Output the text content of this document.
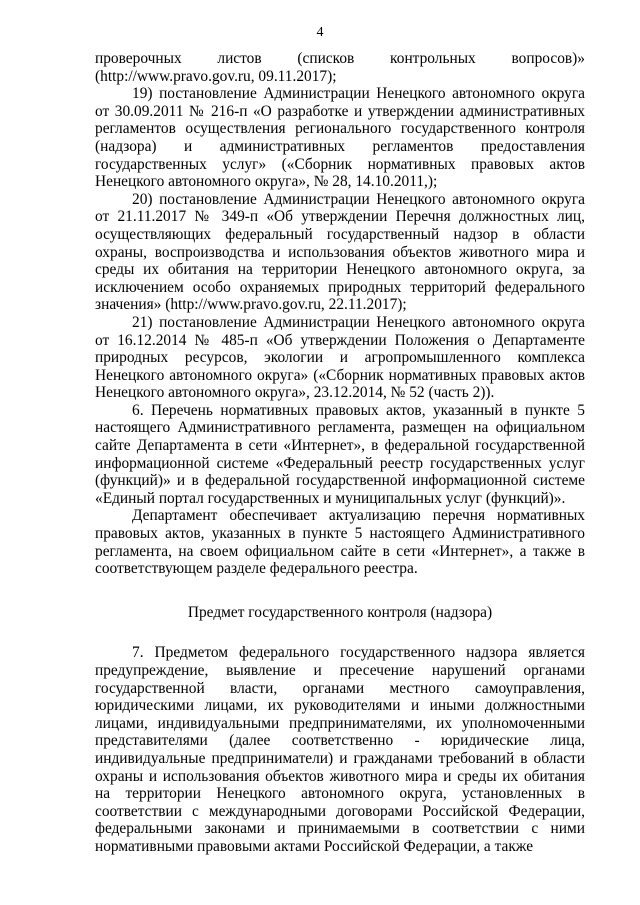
4

проверочных листов (списков контрольных вопросов)» (http://www.pravo.gov.ru, 09.11.2017);

19) постановление Администрации Ненецкого автономного округа от 30.09.2011 № 216-п «О разработке и утверждении административных регламентов осуществления регионального государственного контроля (надзора) и административных регламентов предоставления государственных услуг» («Сборник нормативных правовых актов Ненецкого автономного округа», № 28, 14.10.2011,);

20) постановление Администрации Ненецкого автономного округа от 21.11.2017 № 349-п «Об утверждении Перечня должностных лиц, осуществляющих федеральный государственный надзор в области охраны, воспроизводства и использования объектов животного мира и среды их обитания на территории Ненецкого автономного округа, за исключением особо охраняемых природных территорий федерального значения» (http://www.pravo.gov.ru, 22.11.2017);

21) постановление Администрации Ненецкого автономного округа от 16.12.2014 № 485-п «Об утверждении Положения о Департаменте природных ресурсов, экологии и агропромышленного комплекса Ненецкого автономного округа» («Сборник нормативных правовых актов Ненецкого автономного округа», 23.12.2014, № 52 (часть 2)).

6. Перечень нормативных правовых актов, указанный в пункте 5 настоящего Административного регламента, размещен на официальном сайте Департамента в сети «Интернет», в федеральной государственной информационной системе «Федеральный реестр государственных услуг (функций)» и в федеральной государственной информационной системе «Единый портал государственных и муниципальных услуг (функций)».

Департамент обеспечивает актуализацию перечня нормативных правовых актов, указанных в пункте 5 настоящего Административного регламента, на своем официальном сайте в сети «Интернет», а также в соответствующем разделе федерального реестра.

Предмет государственного контроля (надзора)

7. Предметом федерального государственного надзора является предупреждение, выявление и пресечение нарушений органами государственной власти, органами местного самоуправления, юридическими лицами, их руководителями и иными должностными лицами, индивидуальными предпринимателями, их уполномоченными представителями (далее соответственно - юридические лица, индивидуальные предприниматели) и гражданами требований в области охраны и использования объектов животного мира и среды их обитания на территории Ненецкого автономного округа, установленных в соответствии с международными договорами Российской Федерации, федеральными законами и принимаемыми в соответствии с ними нормативными правовыми актами Российской Федерации, а также
